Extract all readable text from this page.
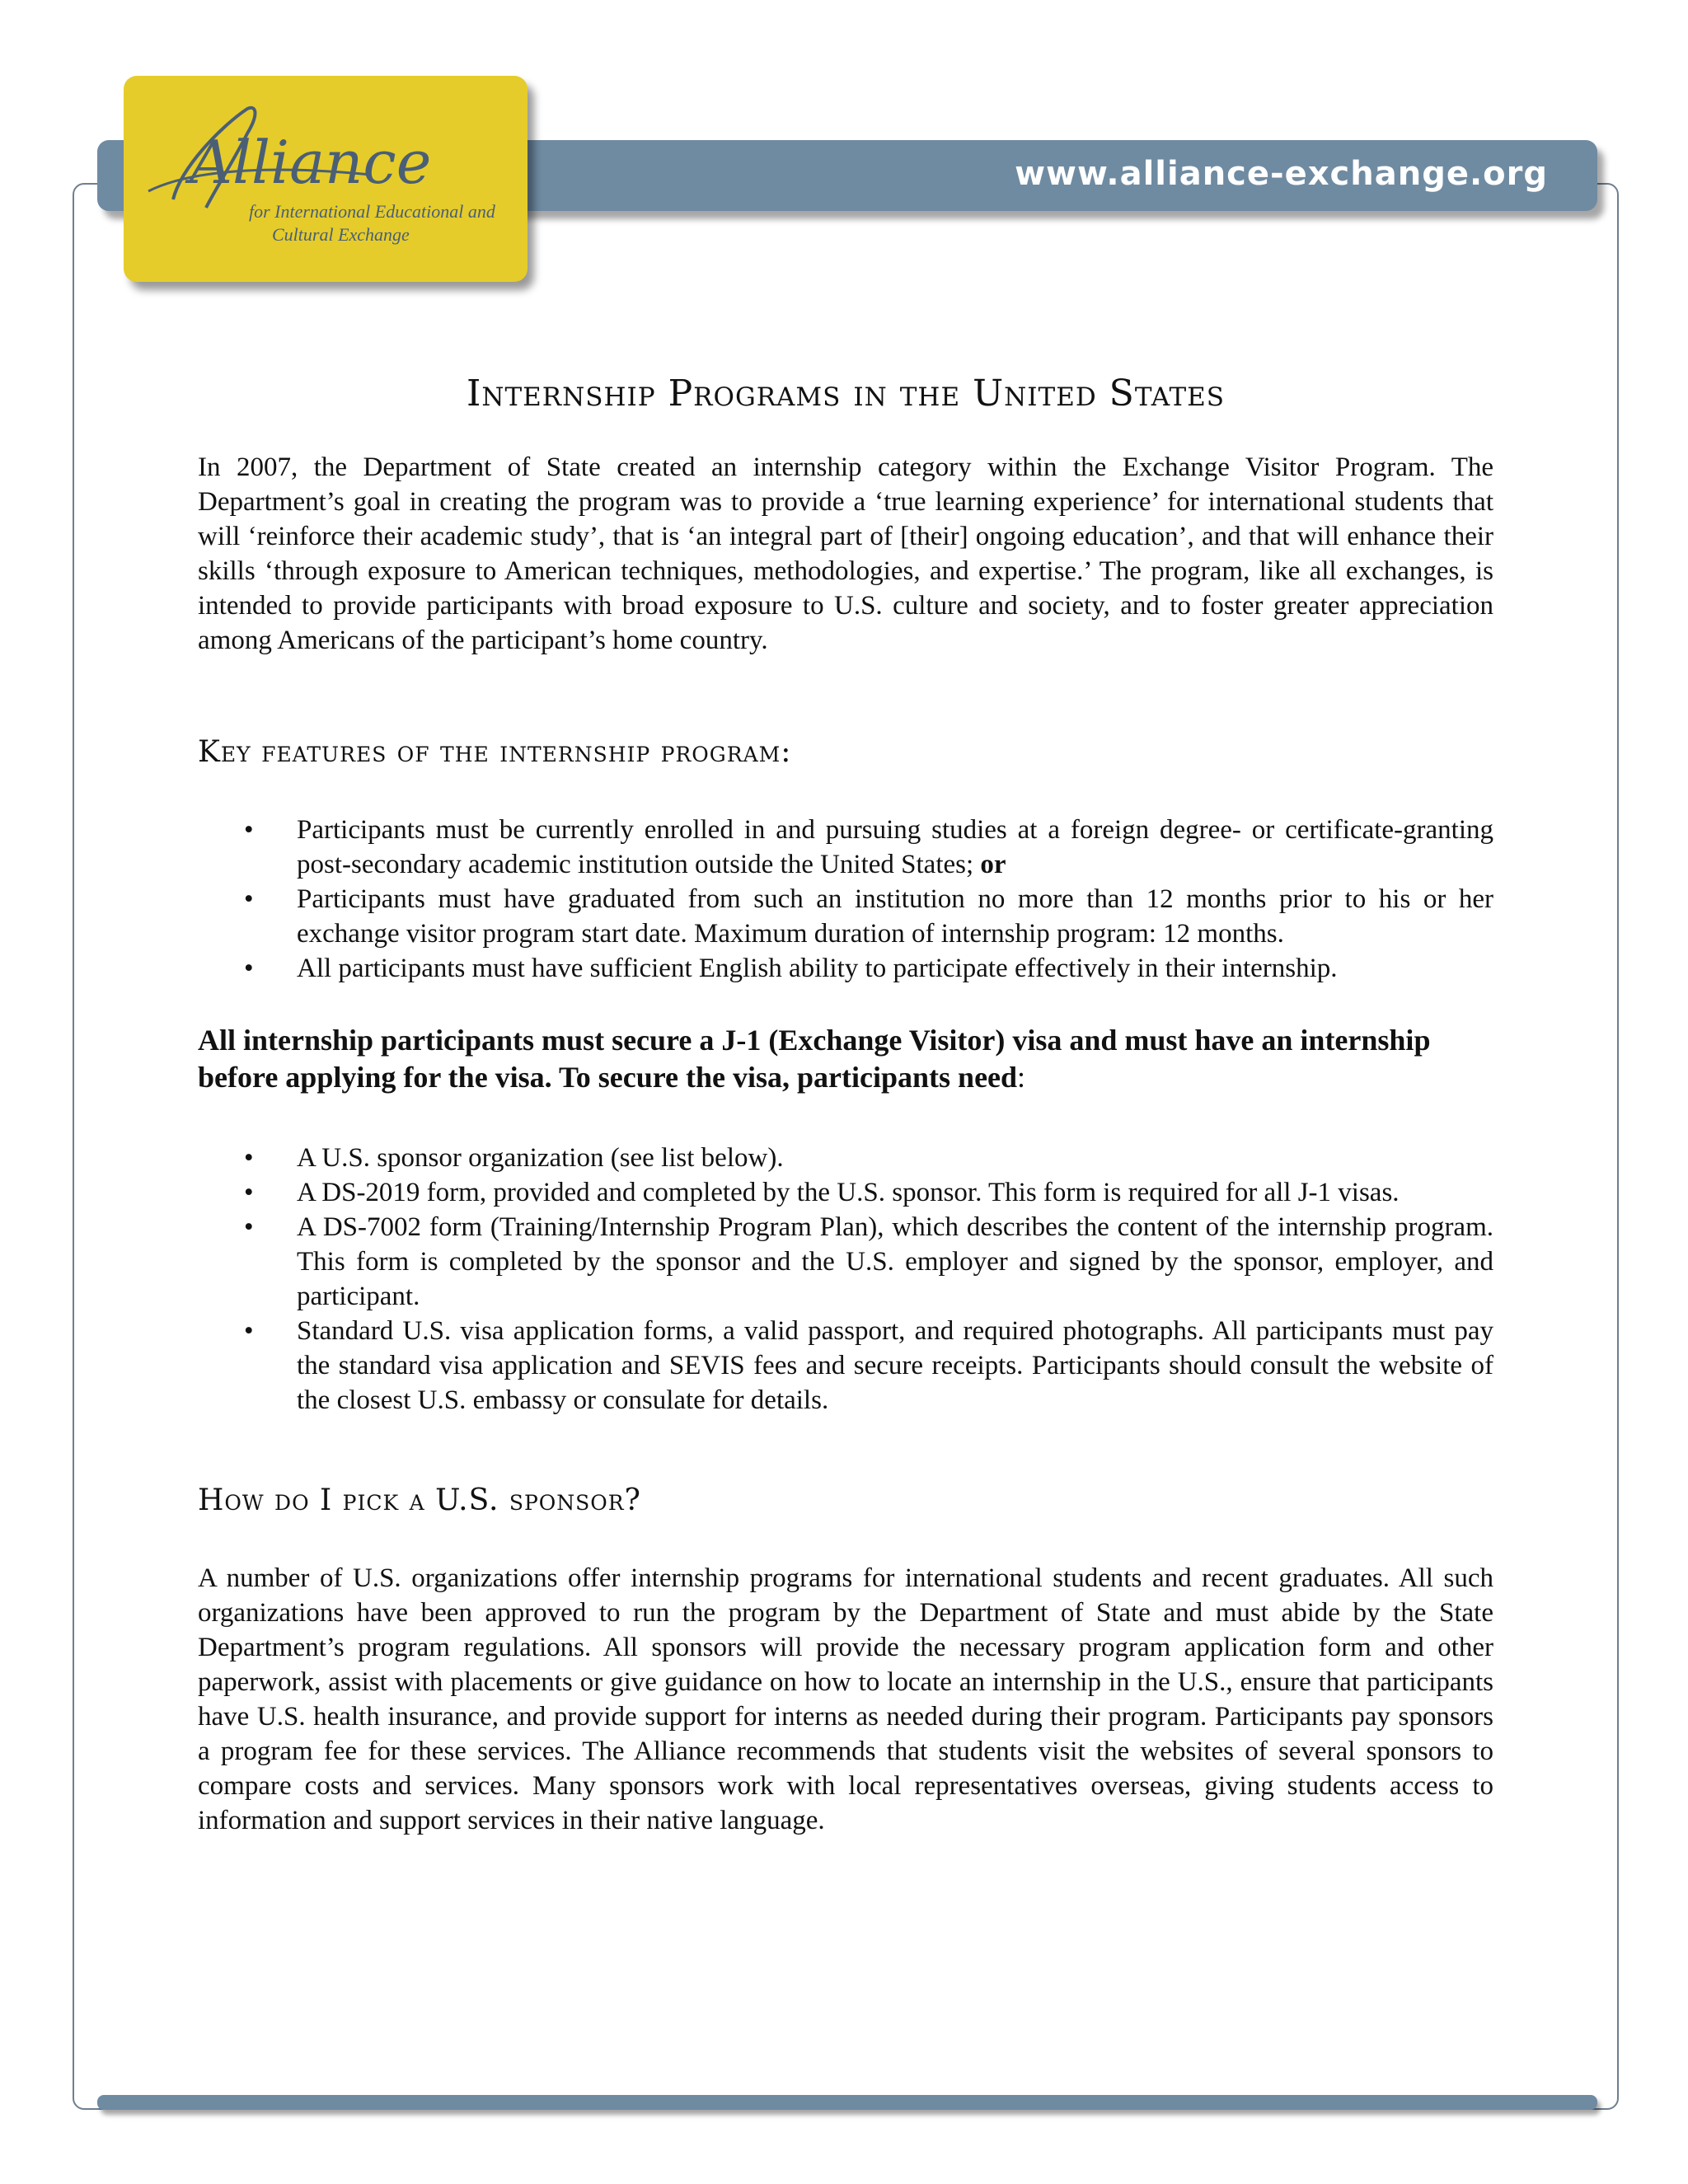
www.alliance-exchange.org
Alliance
for International Educational and
Cultural Exchange
Internship Programs in the United States

In 2007, the Department of State created an internship category within the Exchange Visitor Program. The Department’s goal in creating the program was to provide a ‘true learning experience’ for international students that will ‘reinforce their academic study’, that is ‘an integral part of [their] ongoing education’, and that will enhance their skills ‘through exposure to American techniques, methodologies, and expertise.’ The program, like all exchanges, is intended to provide participants with broad exposure to U.S. culture and society, and to foster greater appreciation among Americans of the participant’s home country.

Key features of the internship program:
• Participants must be currently enrolled in and pursuing studies at a foreign degree- or certificate-granting post-secondary academic institution outside the United States; or
• Participants must have graduated from such an institution no more than 12 months prior to his or her exchange visitor program start date. Maximum duration of internship program: 12 months.
• All participants must have sufficient English ability to participate effectively in their internship.
All internship participants must secure a J-1 (Exchange Visitor) visa and must have an internship before applying for the visa. To secure the visa, participants need:
• A U.S. sponsor organization (see list below).
• A DS-2019 form, provided and completed by the U.S. sponsor. This form is required for all J-1 visas.
• A DS-7002 form (Training/Internship Program Plan), which describes the content of the internship program. This form is completed by the sponsor and the U.S. employer and signed by the sponsor, employer, and participant.
• Standard U.S. visa application forms, a valid passport, and required photographs. All participants must pay the standard visa application and SEVIS fees and secure receipts. Participants should consult the website of the closest U.S. embassy or consulate for details.
How do I pick a U.S. sponsor?

A number of U.S. organizations offer internship programs for international students and recent graduates. All such organizations have been approved to run the program by the Department of State and must abide by the State Department’s program regulations. All sponsors will provide the necessary program application form and other paperwork, assist with placements or give guidance on how to locate an internship in the U.S., ensure that participants have U.S. health insurance, and provide support for interns as needed during their program. Participants pay sponsors a program fee for these services. The Alliance recommends that students visit the websites of several sponsors to compare costs and services. Many sponsors work with local representatives overseas, giving students access to information and support services in their native language.
